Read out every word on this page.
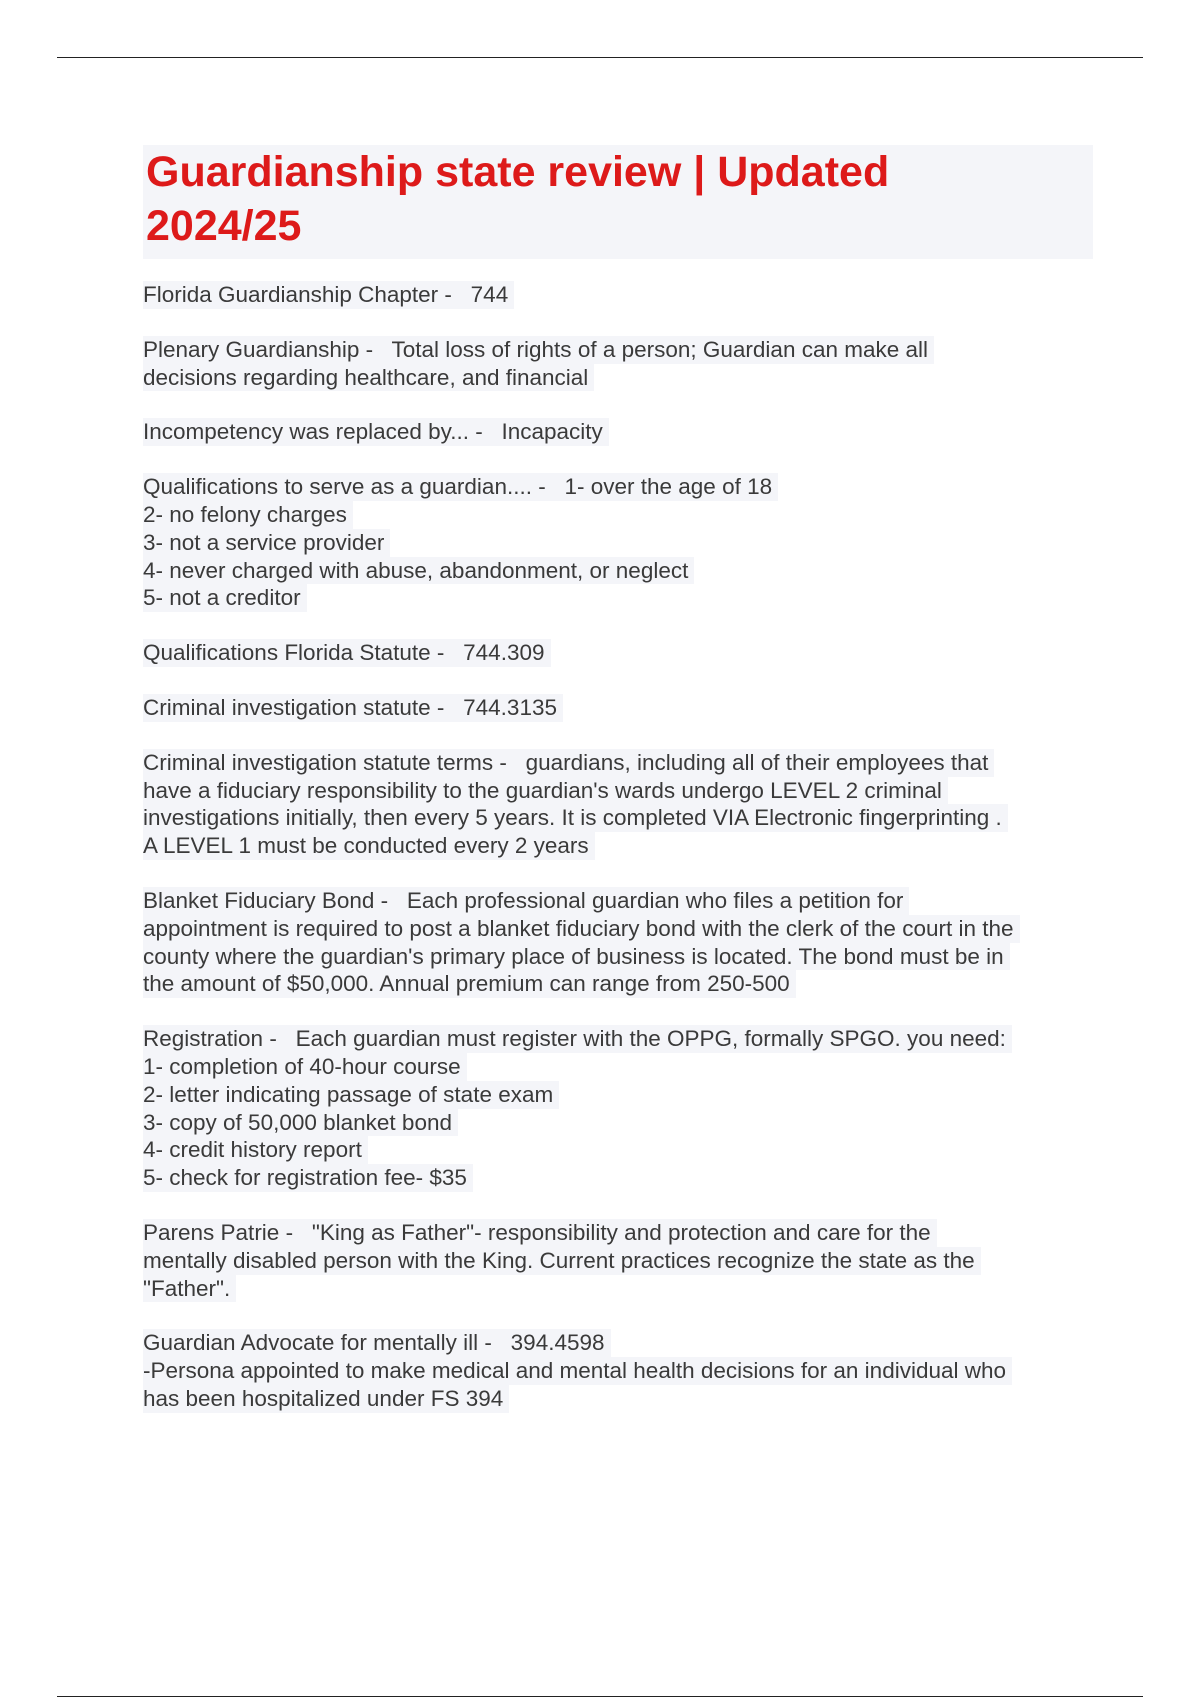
Guardianship state review | Updated
2024/25
Florida Guardianship Chapter -   744
Plenary Guardianship -   Total loss of rights of a person; Guardian can make all
decisions regarding healthcare, and financial
Incompetency was replaced by... -   Incapacity
Qualifications to serve as a guardian.... -   1- over the age of 18
2- no felony charges
3- not a service provider
4- never charged with abuse, abandonment, or neglect
5- not a creditor
Qualifications Florida Statute -   744.309
Criminal investigation statute -   744.3135
Criminal investigation statute terms -   guardians, including all of their employees that
have a fiduciary responsibility to the guardian's wards undergo LEVEL 2 criminal
investigations initially, then every 5 years. It is completed VIA Electronic fingerprinting .
A LEVEL 1 must be conducted every 2 years
Blanket Fiduciary Bond -   Each professional guardian who files a petition for
appointment is required to post a blanket fiduciary bond with the clerk of the court in the
county where the guardian's primary place of business is located. The bond must be in
the amount of $50,000. Annual premium can range from 250-500
Registration -   Each guardian must register with the OPPG, formally SPGO. you need:
1- completion of 40-hour course
2- letter indicating passage of state exam
3- copy of 50,000 blanket bond
4- credit history report
5- check for registration fee- $35
Parens Patrie -   "King as Father"- responsibility and protection and care for the
mentally disabled person with the King. Current practices recognize the state as the
"Father".
Guardian Advocate for mentally ill -   394.4598
-Persona appointed to make medical and mental health decisions for an individual who
has been hospitalized under FS 394
